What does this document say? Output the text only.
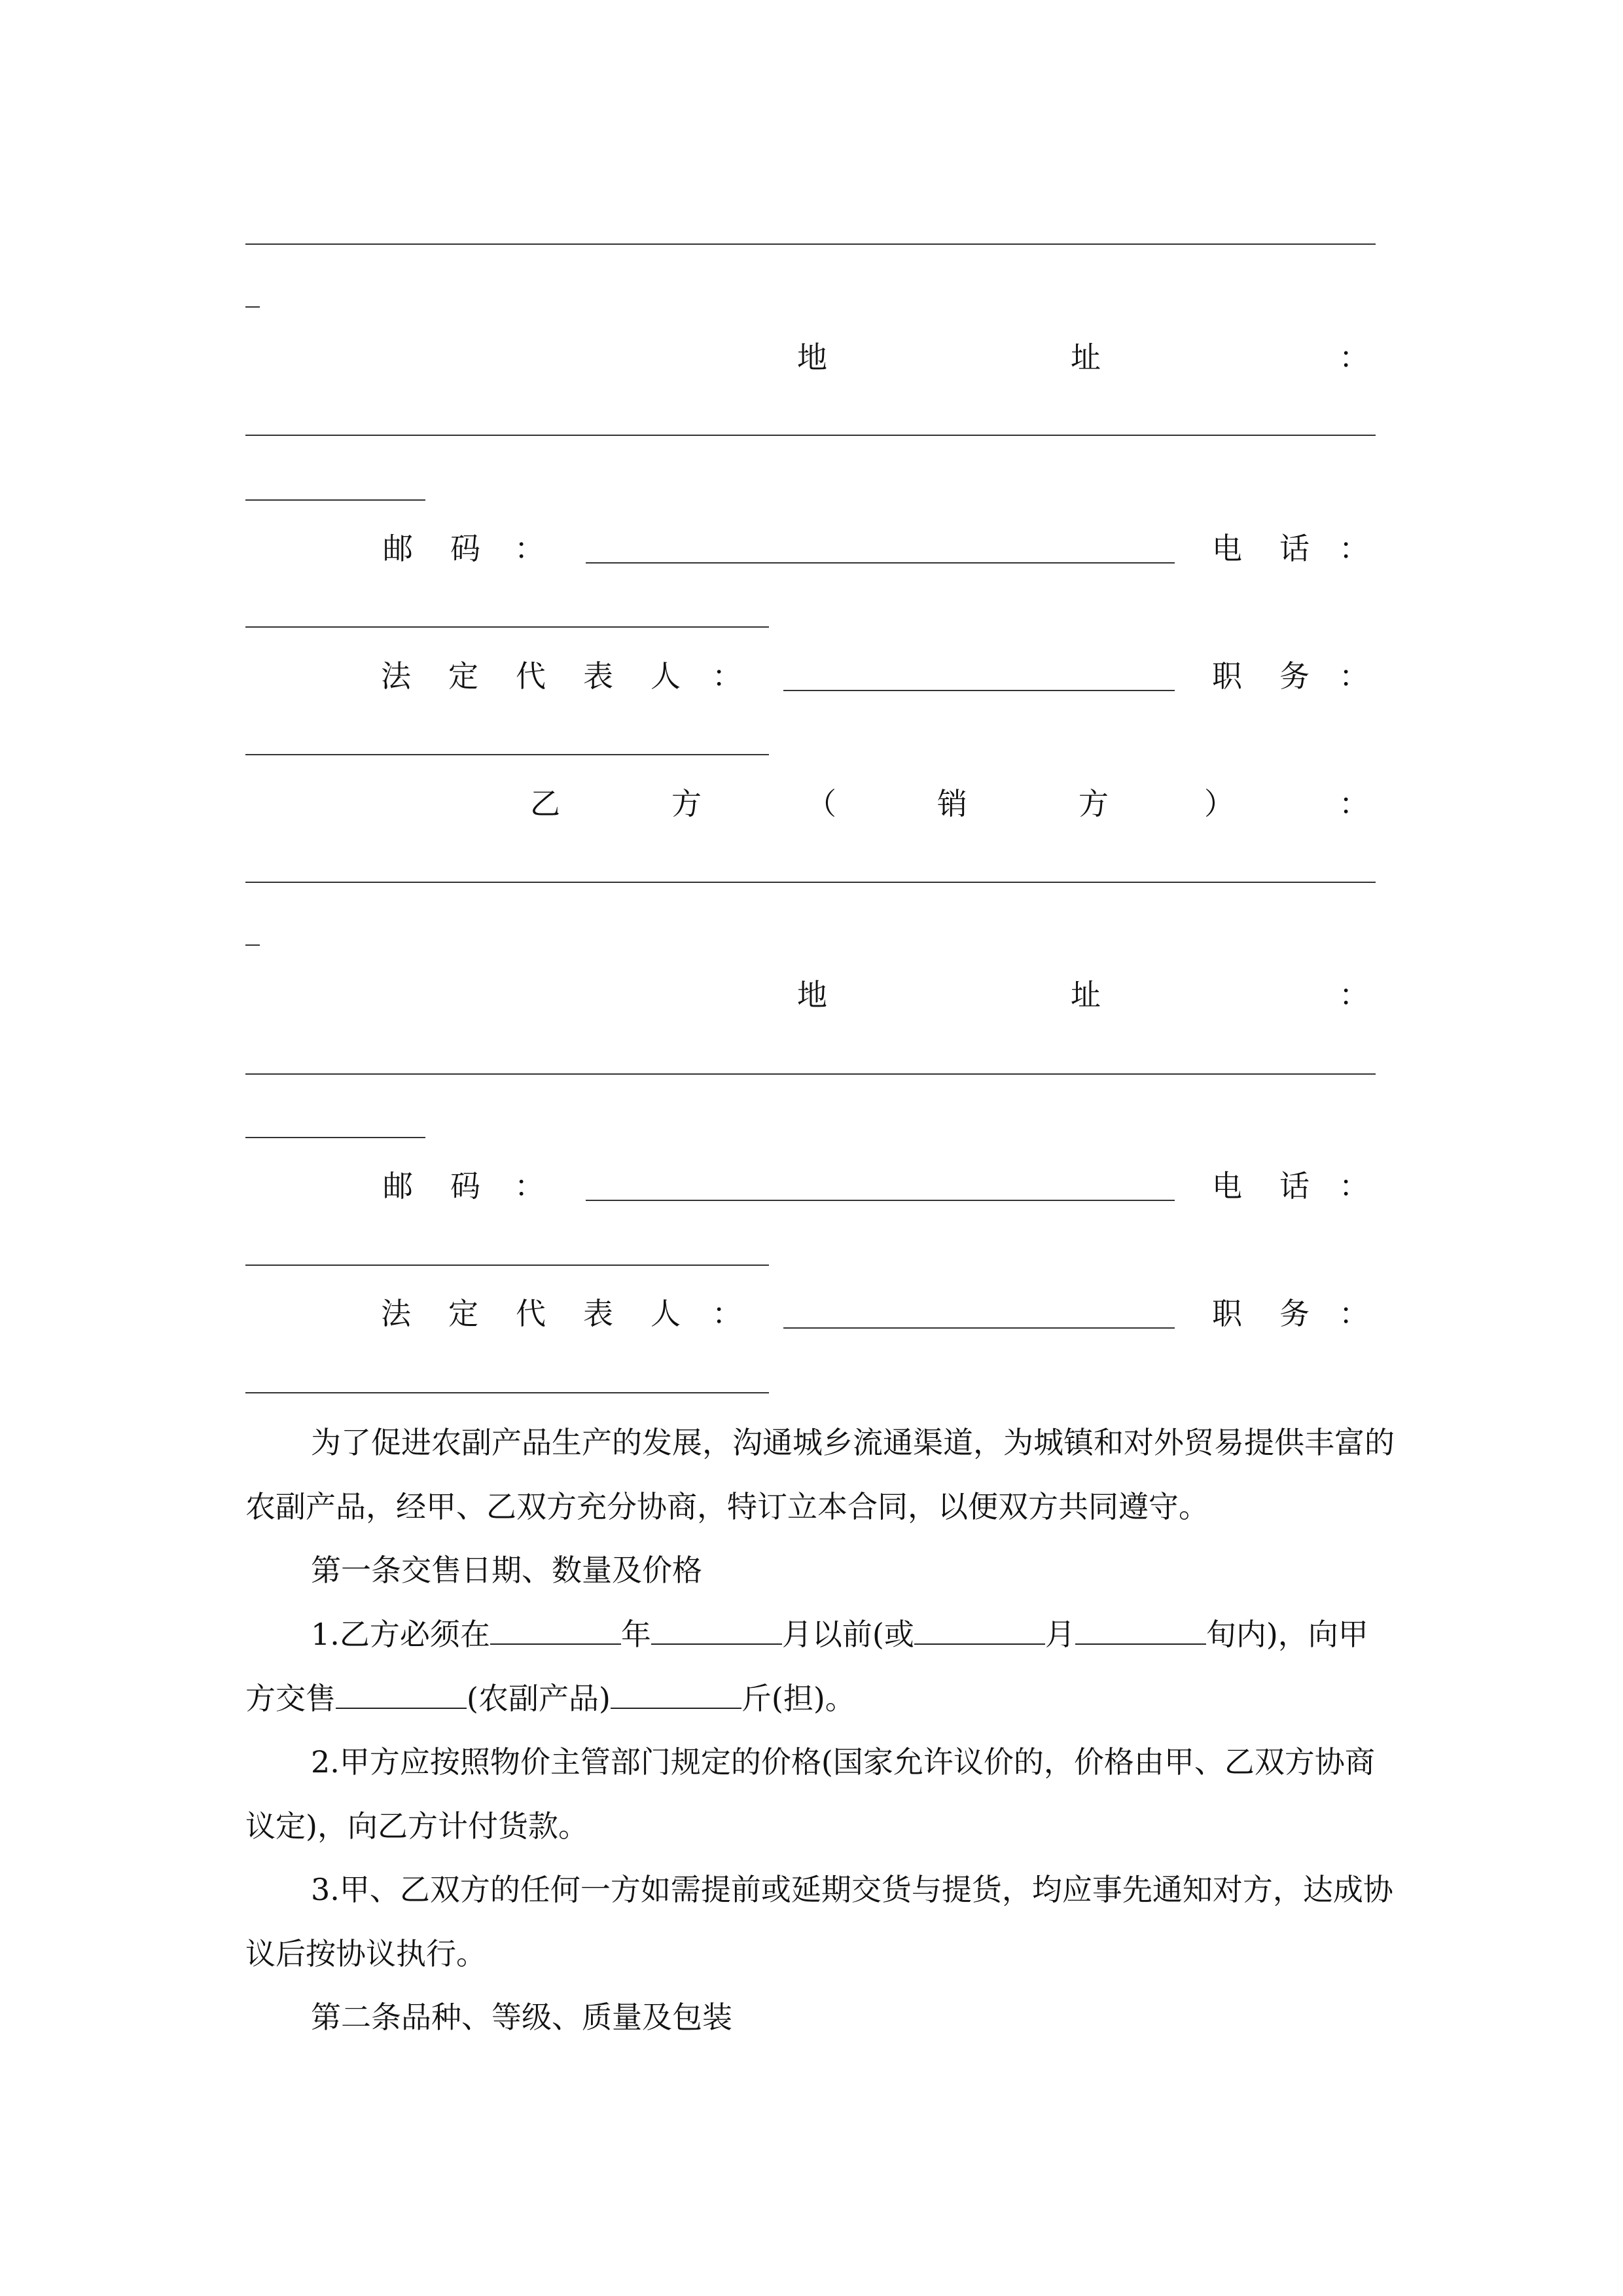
地	址	：
邮 码 ：	电 话 ：
法 定 代 表 人 ：	职 务 ：
乙	方	（	销	方	）	：
地	址	：
邮 码 ：	电 话 ：
法 定 代 表 人 ：	职 务 ：

为了促进农副产品生产的发展，沟通城乡流通渠道，为城镇和对外贸易提供丰富的农副产品，经甲、乙双方充分协商，特订立本合同，以便双方共同遵守。

第一条交售日期、数量及价格

1.乙方必须在	年	月以前(或	月	旬内)，向甲方交售	(农副产品)	斤(担)。

2.甲方应按照物价主管部门规定的价格(国家允许议价的，价格由甲、乙双方协商议定)，向乙方计付货款。

3.甲、乙双方的任何一方如需提前或延期交货与提货，均应事先通知对方，达成协议后按协议执行。

第二条品种、等级、质量及包装
